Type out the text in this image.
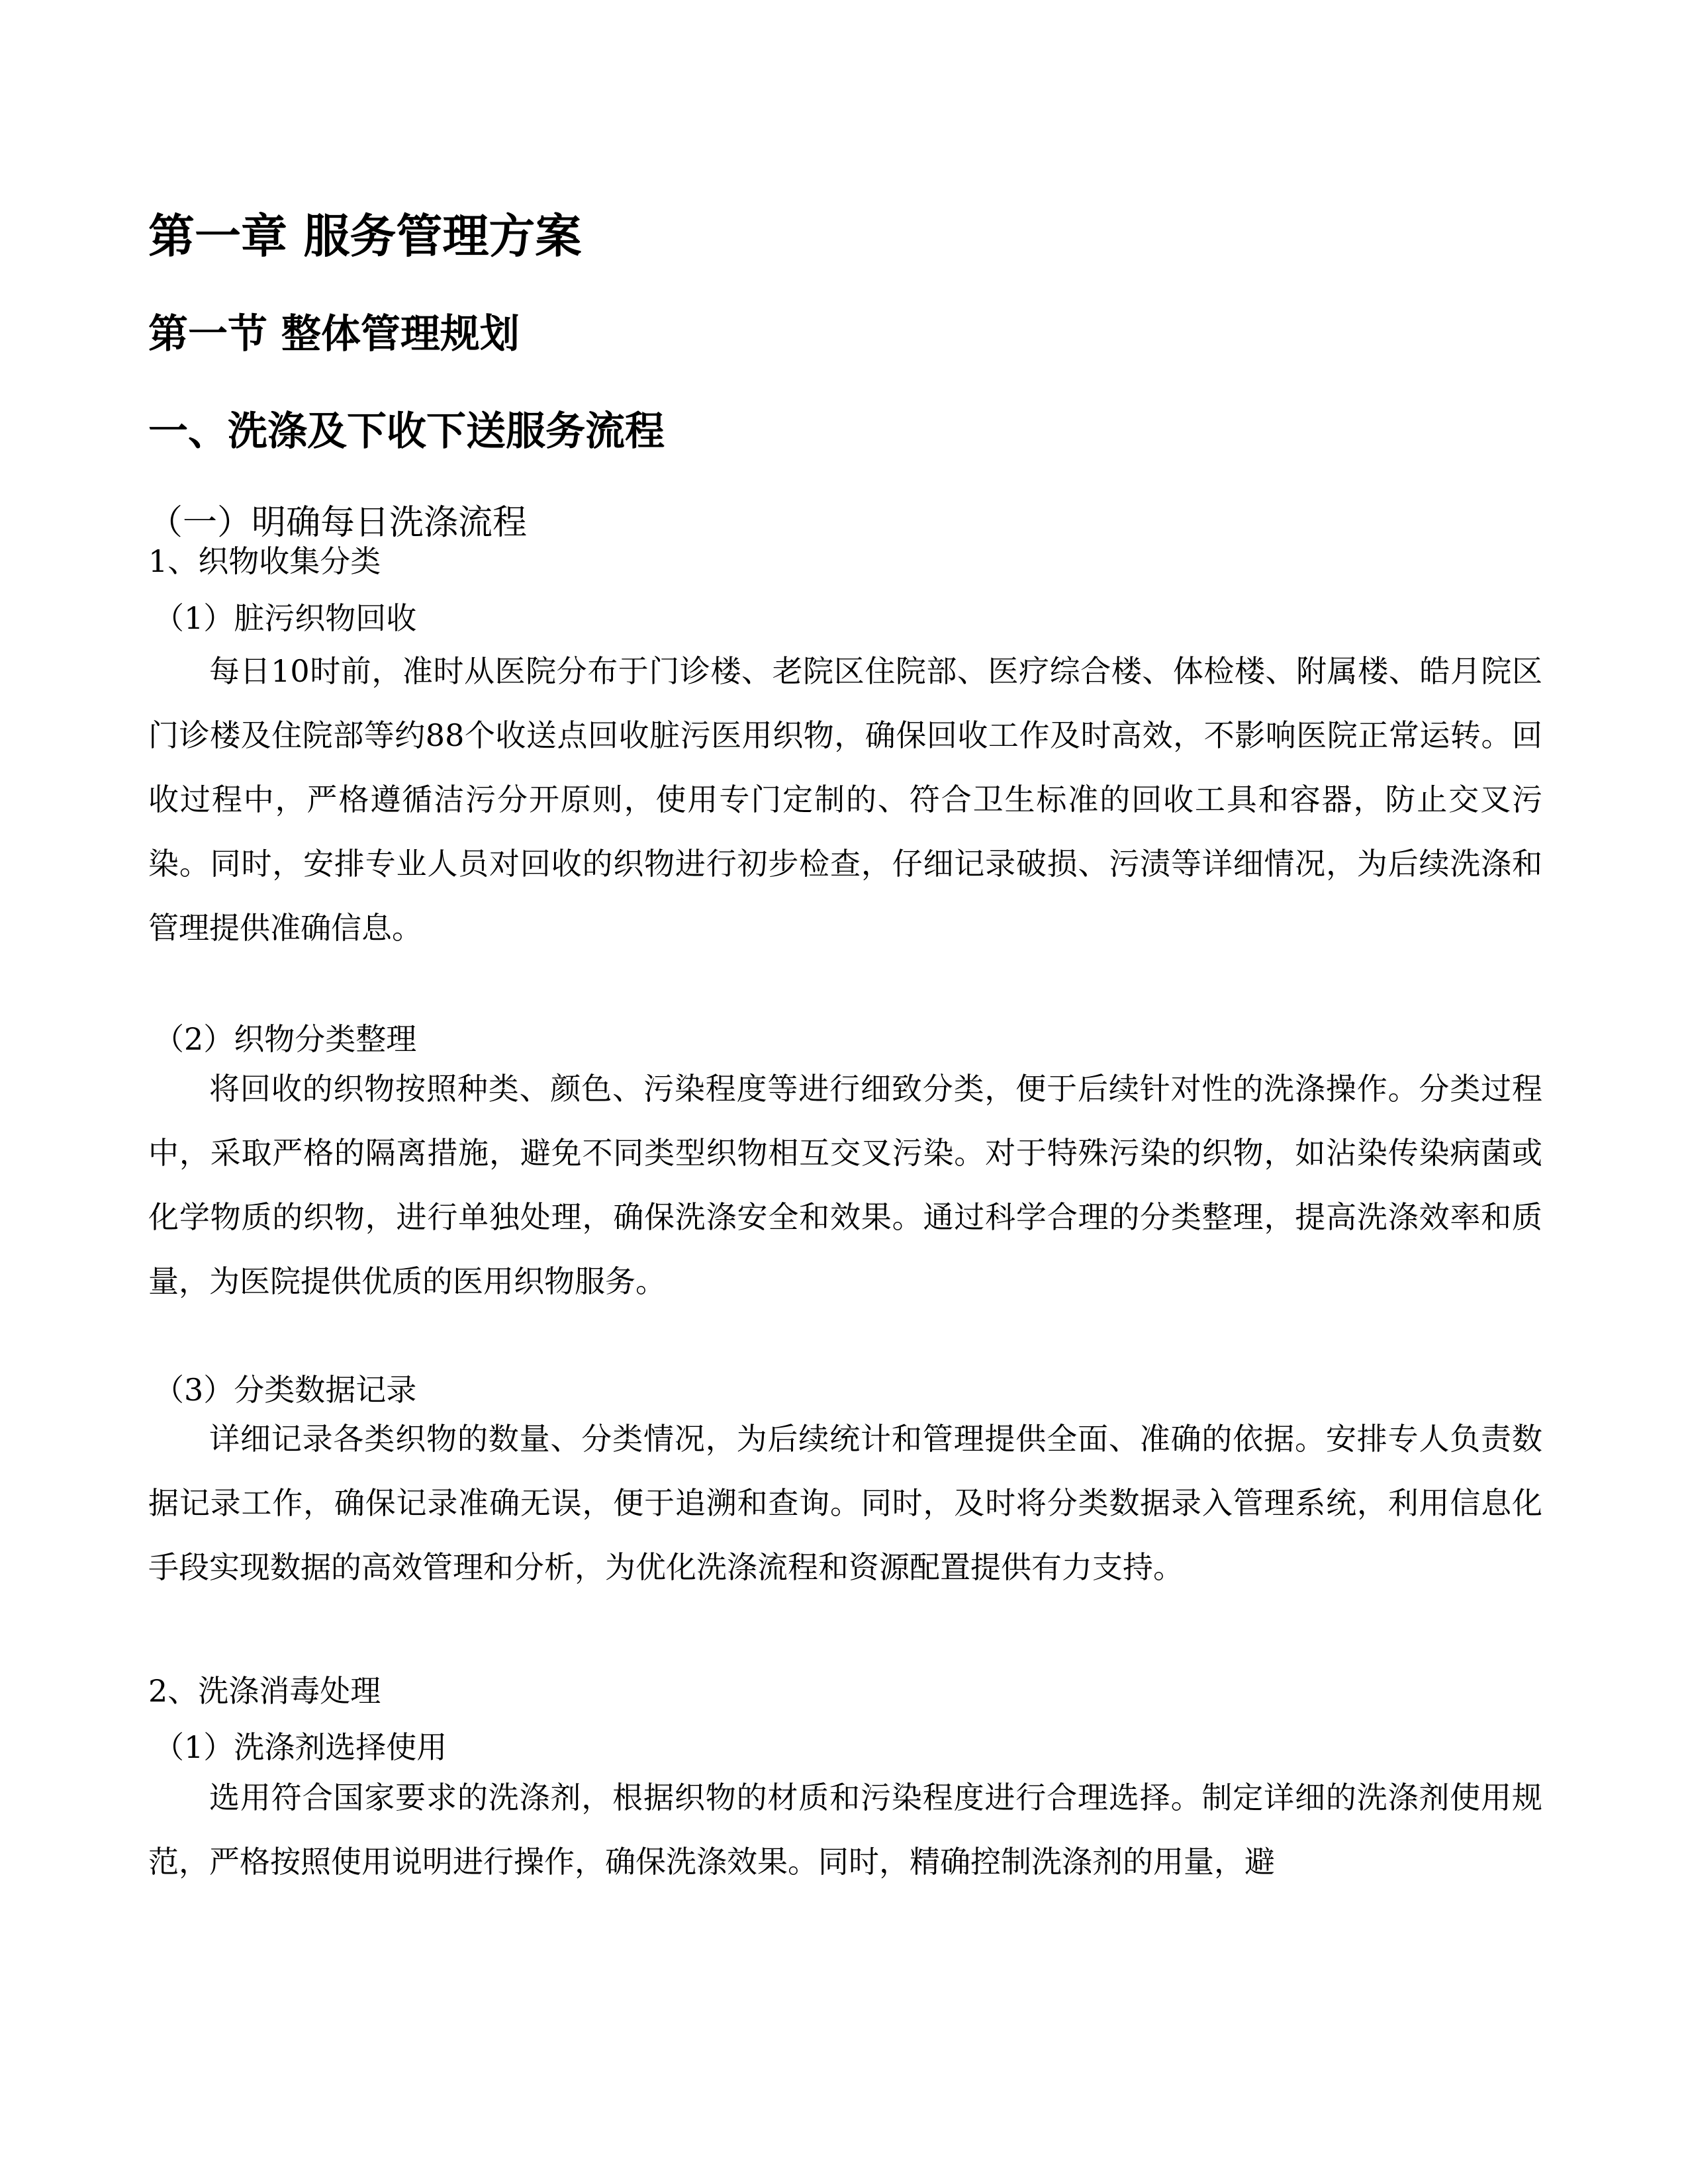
第一章 服务管理方案
第一节 整体管理规划
一、洗涤及下收下送服务流程
（一）明确每日洗涤流程
1、织物收集分类
（1）脏污织物回收

每日10时前，准时从医院分布于门诊楼、老院区住院部、医疗综合楼、体检楼、附属楼、皓月院区门诊楼及住院部等约88个收送点回收脏污医用织物，确保回收工作及时高效，不影响医院正常运转。回收过程中，严格遵循洁污分开原则，使用专门定制的、符合卫生标准的回收工具和容器，防止交叉污染。同时，安排专业人员对回收的织物进行初步检查，仔细记录破损、污渍等详细情况，为后续洗涤和管理提供准确信息。

（2）织物分类整理

将回收的织物按照种类、颜色、污染程度等进行细致分类，便于后续针对性的洗涤操作。分类过程中，采取严格的隔离措施，避免不同类型织物相互交叉污染。对于特殊污染的织物，如沾染传染病菌或化学物质的织物，进行单独处理，确保洗涤安全和效果。通过科学合理的分类整理，提高洗涤效率和质量，为医院提供优质的医用织物服务。

（3）分类数据记录

详细记录各类织物的数量、分类情况，为后续统计和管理提供全面、准确的依据。安排专人负责数据记录工作，确保记录准确无误，便于追溯和查询。同时，及时将分类数据录入管理系统，利用信息化手段实现数据的高效管理和分析，为优化洗涤流程和资源配置提供有力支持。

2、洗涤消毒处理
（1）洗涤剂选择使用

选用符合国家要求的洗涤剂，根据织物的材质和污染程度进行合理选择。制定详细的洗涤剂使用规范，严格按照使用说明进行操作，确保洗涤效果。同时，精确控制洗涤剂的用量，避
